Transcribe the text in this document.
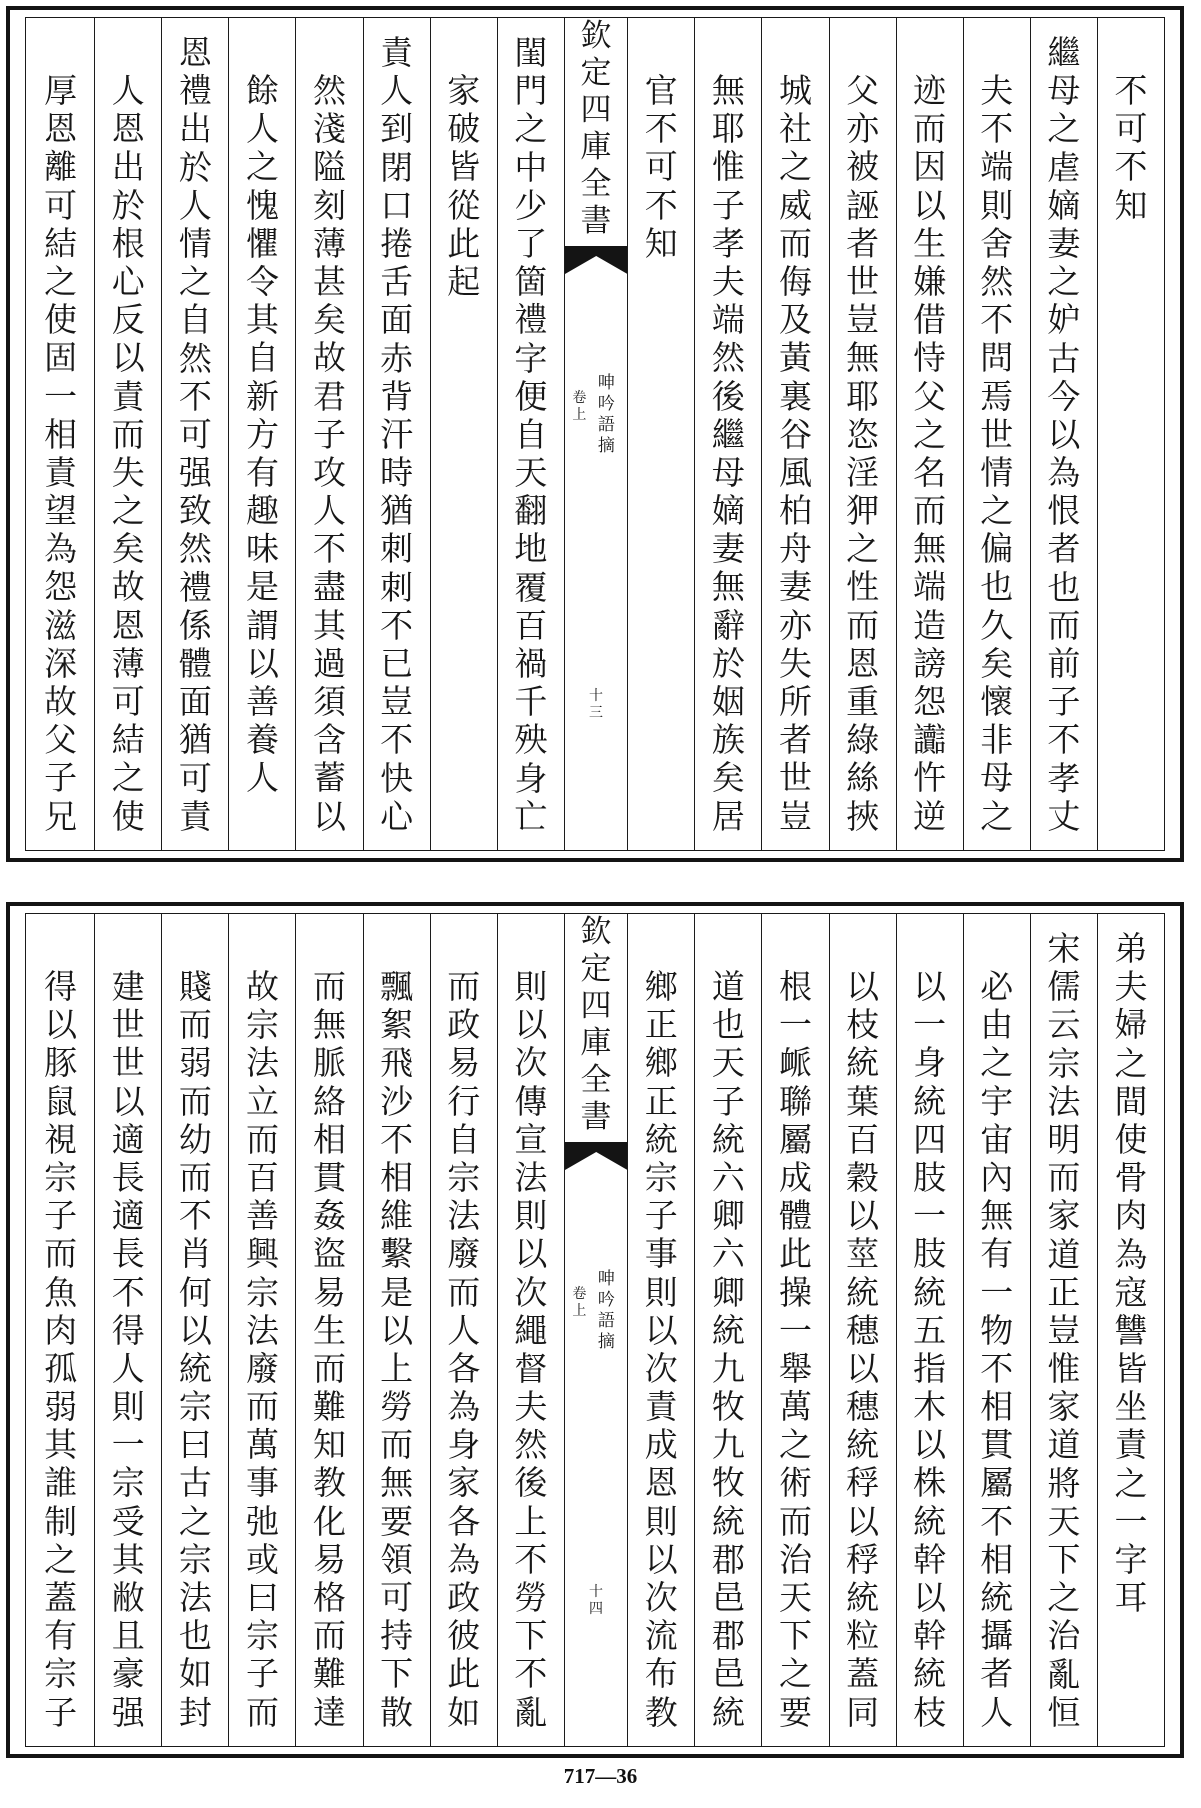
不
可
不
知
繼
母
之
虐
嫡
妻
之
妒
古
今
以
為
恨
者
也
而
前
子
不
孝
丈
夫
不
端
則
舍
然
不
問
焉
世
情
之
偏
也
久
矣
懷
非
母
之
迹
而
因
以
生
嫌
借
恃
父
之
名
而
無
端
造
謗
怨
讟
忤
逆
父
亦
被
誣
者
世
豈
無
耶
恣
淫
狎
之
性
而
恩
重
綠
絲
挾
城
社
之
威
而
侮
及
黃
裏
谷
風
柏
舟
妻
亦
失
所
者
世
豈
無
耶
惟
子
孝
夫
端
然
後
繼
母
嫡
妻
無
辭
於
姻
族
矣
居
官
不
可
不
知
欽
定
四
庫
全
書
呻
吟
語
摘
卷
上
十
三
閨
門
之
中
少
了
箇
禮
字
便
自
天
翻
地
覆
百
禍
千
殃
身
亡
家
破
皆
從
此
起
責
人
到
閉
口
捲
舌
面
赤
背
汗
時
猶
刺
刺
不
已
豈
不
快
心
然
淺
隘
刻
薄
甚
矣
故
君
子
攻
人
不
盡
其
過
須
含
蓄
以
餘
人
之
愧
懼
令
其
自
新
方
有
趣
味
是
謂
以
善
養
人
恩
禮
出
於
人
情
之
自
然
不
可
强
致
然
禮
係
體
面
猶
可
責
人
恩
出
於
根
心
反
以
責
而
失
之
矣
故
恩
薄
可
結
之
使
厚
恩
離
可
結
之
使
固
一
相
責
望
為
怨
滋
深
故
父
子
兄
弟
夫
婦
之
間
使
骨
肉
為
寇
讐
皆
坐
責
之
一
字
耳
宋
儒
云
宗
法
明
而
家
道
正
豈
惟
家
道
將
天
下
之
治
亂
恒
必
由
之
宇
宙
內
無
有
一
物
不
相
貫
屬
不
相
統
攝
者
人
以
一
身
統
四
肢
一
肢
統
五
指
木
以
株
統
幹
以
幹
統
枝
以
枝
統
葉
百
穀
以
莖
統
穗
以
穗
統
稃
以
稃
統
粒
蓋
同
根
一
衇
聯
屬
成
體
此
操
一
舉
萬
之
術
而
治
天
下
之
要
道
也
天
子
統
六
卿
六
卿
統
九
牧
九
牧
統
郡
邑
郡
邑
統
鄉
正
鄉
正
統
宗
子
事
則
以
次
責
成
恩
則
以
次
流
布
教
欽
定
四
庫
全
書
呻
吟
語
摘
卷
上
十
四
則
以
次
傳
宣
法
則
以
次
繩
督
夫
然
後
上
不
勞
下
不
亂
而
政
易
行
自
宗
法
廢
而
人
各
為
身
家
各
為
政
彼
此
如
飄
絮
飛
沙
不
相
維
繫
是
以
上
勞
而
無
要
領
可
持
下
散
而
無
脈
絡
相
貫
姦
盜
易
生
而
難
知
教
化
易
格
而
難
達
故
宗
法
立
而
百
善
興
宗
法
廢
而
萬
事
弛
或
曰
宗
子
而
賤
而
弱
而
幼
而
不
肖
何
以
統
宗
曰
古
之
宗
法
也
如
封
建
世
世
以
適
長
適
長
不
得
人
則
一
宗
受
其
敝
且
豪
强
得
以
豚
鼠
視
宗
子
而
魚
肉
孤
弱
其
誰
制
之
蓋
有
宗
子
717—36
